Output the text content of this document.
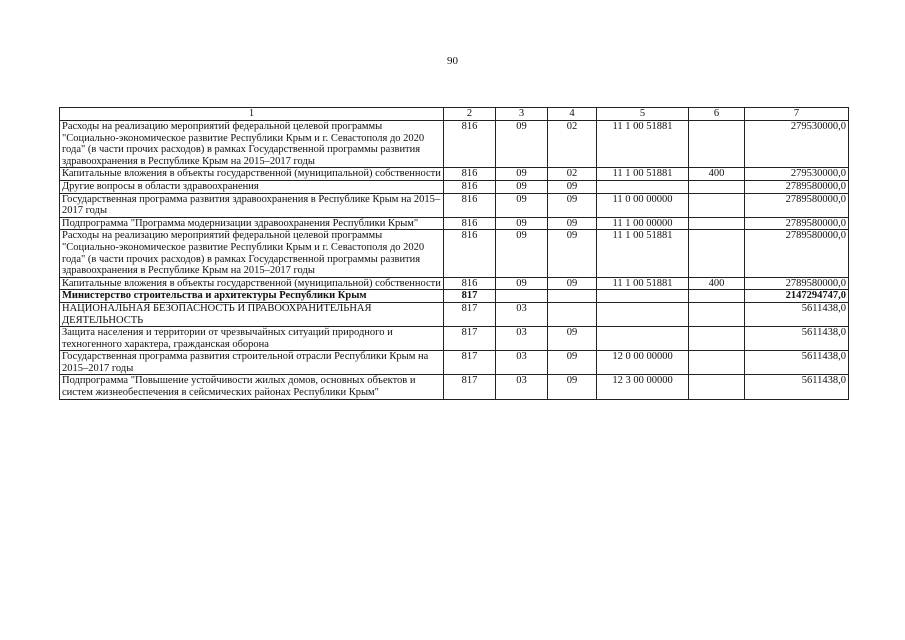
90
1	2	3	4	5	6	7
Расходы на реализацию мероприятий федеральной целевой программы "Социально-экономическое развитие Республики Крым и г. Севастополя до 2020 года" (в части прочих расходов) в рамках Государственной программы развития здравоохранения в Республике Крым на 2015–2017 годы	816	09	02	11 1 00 51881		279530000,0
Капитальные вложения в объекты государственной (муниципальной) собственности	816	09	02	11 1 00 51881	400	279530000,0
Другие вопросы в области здравоохранения	816	09	09			2789580000,0
Государственная программа развития здравоохранения в Республике Крым на 2015–2017 годы	816	09	09	11 0 00 00000		2789580000,0
Подпрограмма "Программа модернизации здравоохранения Республики Крым"	816	09	09	11 1 00 00000		2789580000,0
Расходы на реализацию мероприятий федеральной целевой программы "Социально-экономическое развитие Республики Крым и г. Севастополя до 2020 года" (в части прочих расходов) в рамках Государственной программы развития здравоохранения в Республике Крым на 2015–2017 годы	816	09	09	11 1 00 51881		2789580000,0
Капитальные вложения в объекты государственной (муниципальной) собственности	816	09	09	11 1 00 51881	400	2789580000,0
Министерство строительства и архитектуры Республики Крым	817					2147294747,0
НАЦИОНАЛЬНАЯ БЕЗОПАСНОСТЬ И ПРАВООХРАНИТЕЛЬНАЯ ДЕЯТЕЛЬНОСТЬ	817	03				5611438,0
Защита населения и территории от чрезвычайных ситуаций природного и техногенного характера, гражданская оборона	817	03	09			5611438,0
Государственная программа развития строительной отрасли Республики Крым на 2015–2017 годы	817	03	09	12 0 00 00000		5611438,0
Подпрограмма "Повышение устойчивости жилых домов, основных объектов и систем жизнеобеспечения в сейсмических районах Республики Крым"	817	03	09	12 3 00 00000		5611438,0
